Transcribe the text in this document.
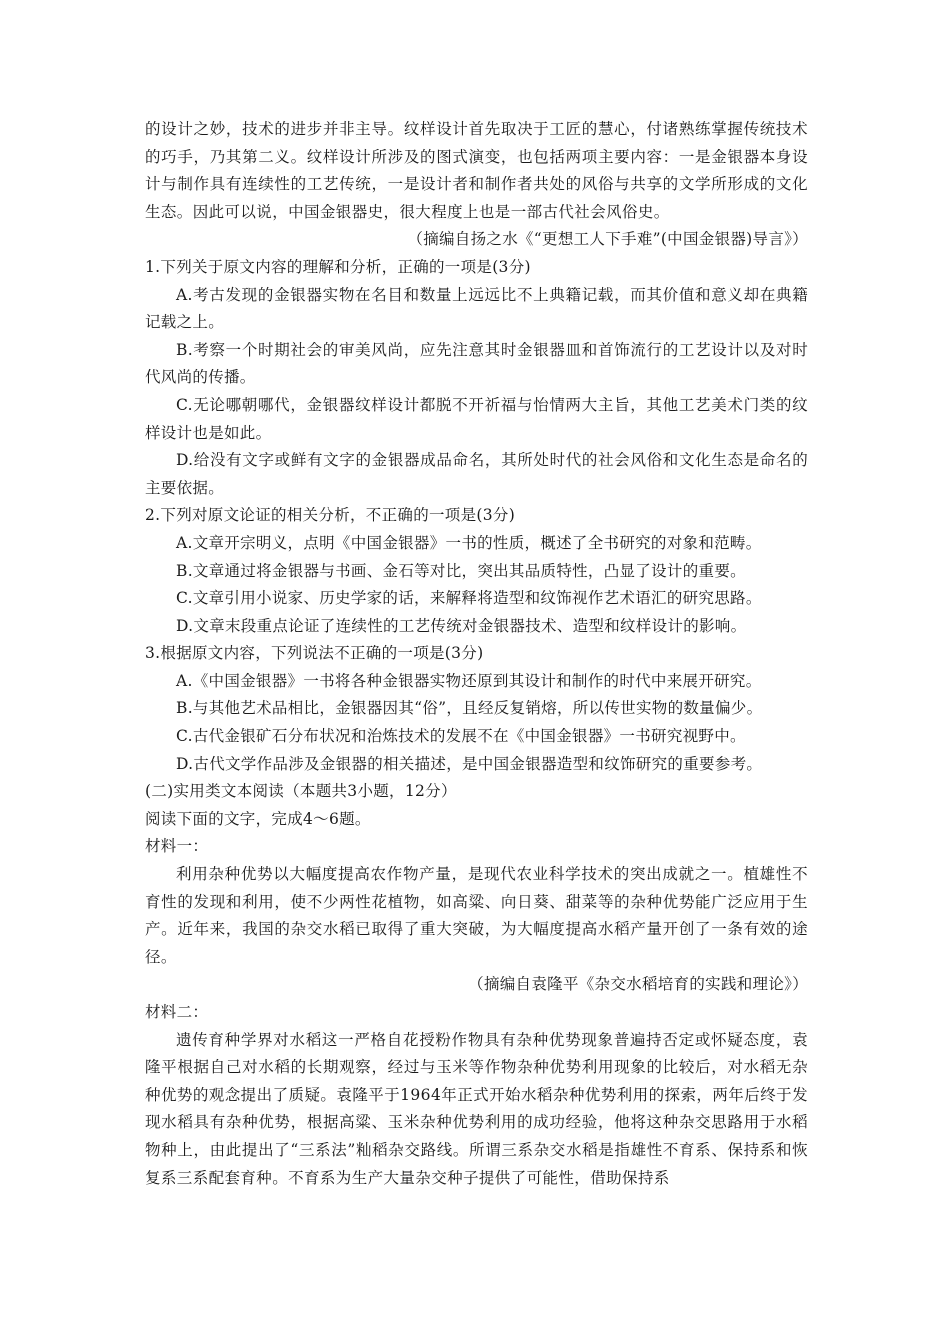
的设计之妙，技术的进步并非主导。纹样设计首先取决于工匠的慧心，付诸熟练掌握传统技术的巧手，乃其第二义。纹样设计所涉及的图式演变，也包括两项主要内容：一是金银器本身设计与制作具有连续性的工艺传统，一是设计者和制作者共处的风俗与共享的文学所形成的文化生态。因此可以说，中国金银器史，很大程度上也是一部古代社会风俗史。

（摘编自扬之水《“更想工人下手难”(中国金银器)导言》）

1.下列关于原文内容的理解和分析，正确的一项是(3分)

A.考古发现的金银器实物在名目和数量上远远比不上典籍记载，而其价值和意义却在典籍记载之上。

B.考察一个时期社会的审美风尚，应先注意其时金银器皿和首饰流行的工艺设计以及对时代风尚的传播。

C.无论哪朝哪代，金银器纹样设计都脱不开祈福与怡情两大主旨，其他工艺美术门类的纹样设计也是如此。

D.给没有文字或鲜有文字的金银器成品命名，其所处时代的社会风俗和文化生态是命名的主要依据。

2.下列对原文论证的相关分析，不正确的一项是(3分)

A.文章开宗明义，点明《中国金银器》一书的性质，概述了全书研究的对象和范畴。

B.文章通过将金银器与书画、金石等对比，突出其品质特性，凸显了设计的重要。

C.文章引用小说家、历史学家的话，来解释将造型和纹饰视作艺术语汇的研究思路。

D.文章末段重点论证了连续性的工艺传统对金银器技术、造型和纹样设计的影响。

3.根据原文内容，下列说法不正确的一项是(3分)

A.《中国金银器》一书将各种金银器实物还原到其设计和制作的时代中来展开研究。

B.与其他艺术品相比，金银器因其“俗”，且经反复销熔，所以传世实物的数量偏少。

C.古代金银矿石分布状况和治炼技术的发展不在《中国金银器》一书研究视野中。

D.古代文学作品涉及金银器的相关描述，是中国金银器造型和纹饰研究的重要参考。

(二)实用类文本阅读（本题共3小题，12分）

阅读下面的文字，完成4～6题。

材料一：

利用杂种优势以大幅度提高农作物产量，是现代农业科学技术的突出成就之一。植雄性不育性的发现和利用，使不少两性花植物，如高粱、向日葵、甜菜等的杂种优势能广泛应用于生产。近年来，我国的杂交水稻已取得了重大突破，为大幅度提高水稻产量开创了一条有效的途径。

（摘编自袁隆平《杂交水稻培育的实践和理论》）

材料二：

遗传育种学界对水稻这一严格自花授粉作物具有杂种优势现象普遍持否定或怀疑态度，袁隆平根据自己对水稻的长期观察，经过与玉米等作物杂种优势利用现象的比较后，对水稻无杂种优势的观念提出了质疑。袁隆平于1964年正式开始水稻杂种优势利用的探索，两年后终于发现水稻具有杂种优势，根据高粱、玉米杂种优势利用的成功经验，他将这种杂交思路用于水稻物种上，由此提出了“三系法”籼稻杂交路线。所谓三系杂交水稻是指雄性不育系、保持系和恢复系三系配套育种。不育系为生产大量杂交种子提供了可能性，借助保持系
